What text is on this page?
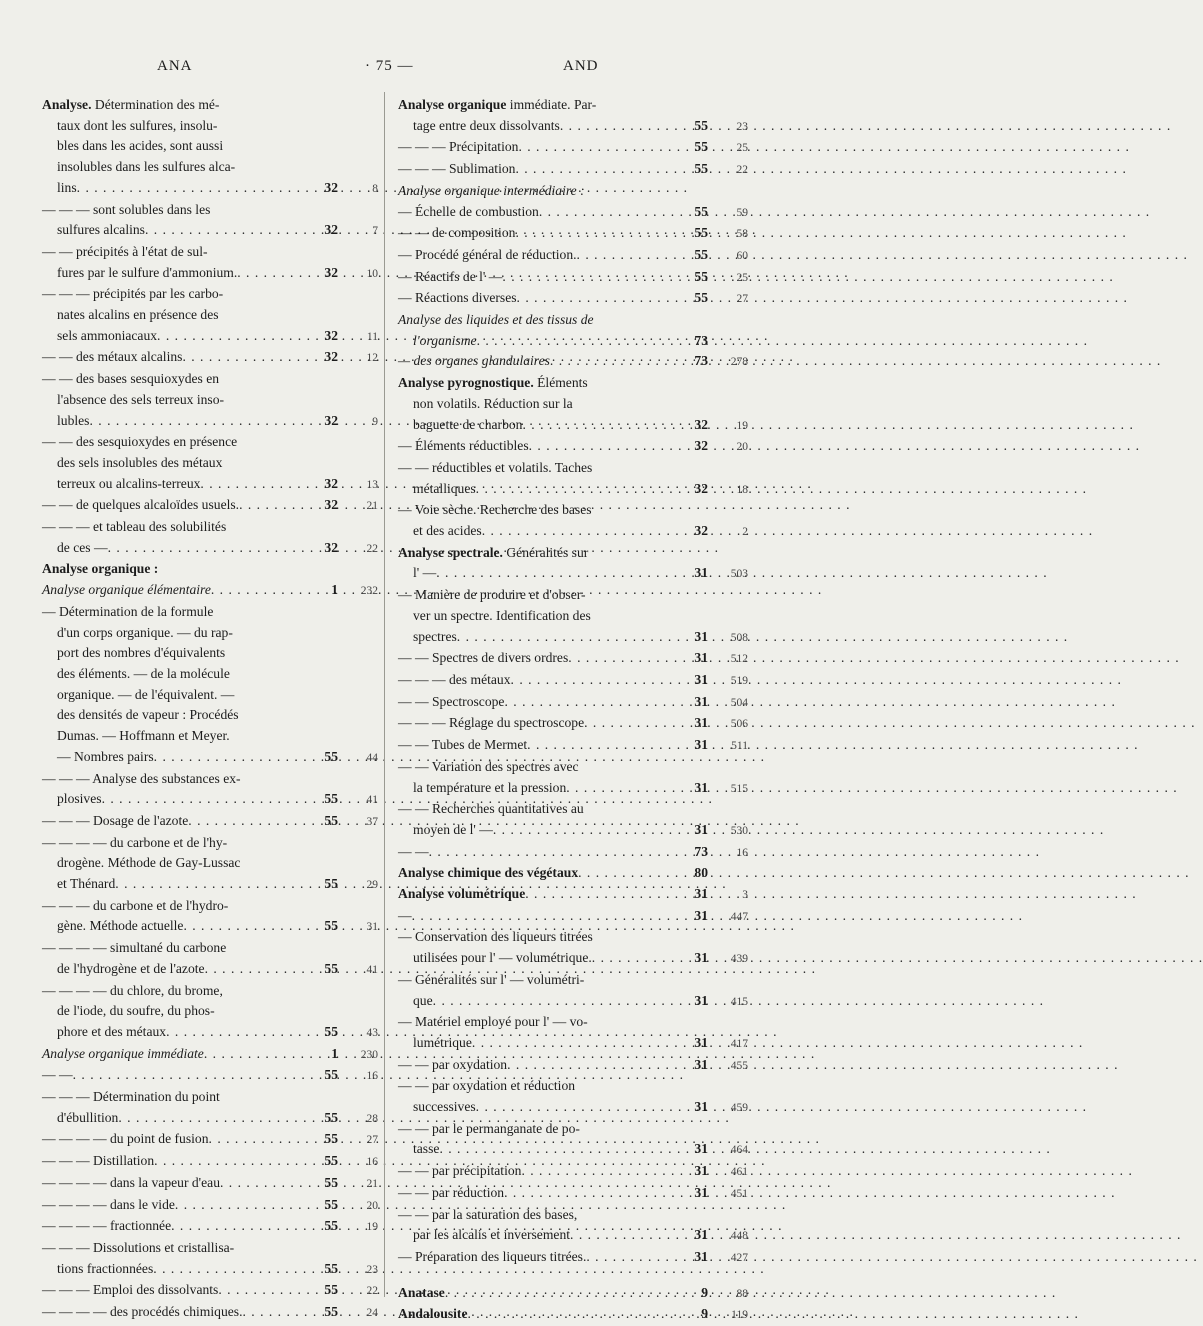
ANA	· 75 —	AND
Analyse. Détermination des mé-
taux dont les sulfures, insolu-
bles dans les acides, sont aussi
insolubles dans les sulfures alca-
lins . . .	32	8
— — — sont solubles dans les
sulfures alcalins . . .	32	7
— — précipités à l'état de sul-
fures par le sulfure d'ammonium. . . .	32	10
— — — précipités par les carbo-
nates alcalins en présence des
sels ammoniacaux . . .	32	11
— — des métaux alcalins . . .	32	12
— — des bases sesquioxydes en
l'absence des sels terreux inso-
lubles . . .	32	9
— — des sesquioxydes en présence
des sels insolubles des métaux
terreux ou alcalins-terreux . . .	32	13
— — de quelques alcaloïdes usuels. . . .	32	21
— — — et tableau des solubilités
de ces — . . .	32	22
Analyse organique :
Analyse organique élémentaire . . .	1	232
— Détermination de la formule
d'un corps organique. — du rap-
port des nombres d'équivalents
des éléments. — de la molécule
organique. — de l'équivalent. —
des densités de vapeur : Procédés
Dumas. — Hoffmann et Meyer.
— Nombres pairs . . .	55	44
— — — Analyse des substances ex-
plosives . . .	55	41
— — — Dosage de l'azote . . .	55	37
— — — — du carbone et de l'hy-
drogène. Méthode de Gay-Lussac
et Thénard . . .	55	29
— — — du carbone et de l'hydro-
gène. Méthode actuelle . . .	55	31
— — — — simultané du carbone
de l'hydrogène et de l'azote . . .	55	41
— — — — du chlore, du brome,
de l'iode, du soufre, du phos-
phore et des métaux . . .	55	43
Analyse organique immédiate . . .	1	230
— — . . .	55	16
— — — Détermination du point
d'ébullition . . .	55	28
— — — — du point de fusion . . .	55	27
— — — Distillation . . .	55	16
— — — — dans la vapeur d'eau . . .	55	21
— — — — dans le vide . . .	55	20
— — — — fractionnée . . .	55	19
— — — Dissolutions et cristallisa-
tions fractionnées . . .	55	23
— — — Emploi des dissolvants . . .	55	22
— — — — des procédés chimiques. . . .	55	24
Analyse organique immédiate. Par-
tage entre deux dissolvants . . .	55	23
— — — Précipitation . . .	55	25
— — — Sublimation . . .	55	22
Analyse organique intermédiaire :
— Échelle de combustion . . .	55	59
— — de composition . . .	55	58
— Procédé général de réduction. . . .	55	60
— Réactifs de l' — . . .	55	25
— Réactions diverses . . .	55	27
Analyse des liquides et des tissus de
l'organisme . . .	73
— des organes glandulaires . . .	73	278
Analyse pyrognostique. Éléments
non volatils. Réduction sur la
baguette de charbon . . .	32	19
— Éléments réductibles . . .	32	20
— — réductibles et volatils. Taches
métalliques . . .	32	18
— Voie sèche. Recherche des bases
et des acides . . .	32	2
Analyse spectrale. Généralités sur
l' — . . .	31	503
— Manière de produire et d'obser-
ver un spectre. Identification des
spectres . . .	31	508
— — Spectres de divers ordres . . .	31	512
— — — des métaux . . .	31	519
— — Spectroscope . . .	31	504
— — — Réglage du spectroscope . . .	31	506
— — Tubes de Mermet . . .	31	511
— — Variation des spectres avec
la température et la pression . . .	31	515
— — Recherches quantitatives au
moyen de l' — . . .	31	530
— — . . .	73	16
Analyse chimique des végétaux . . .	80
Analyse volumétrique . . .	31	3
— . . .	31	447
— Conservation des liqueurs titrées
utilisées pour l' — volumétrique. . . .	31	439
— Généralités sur l' — volumétri-
que . . .	31	415
— Matériel employé pour l' — vo-
lumétrique . . .	31	417
— — par oxydation . . .	31	455
— — par oxydation et réduction
successives . . .	31	459
— — par le permanganate de po-
tasse . . .	31	464
— — par précipitation . . .	31	461
— — par réduction . . .	31	451
— — par la saturation des bases,
par les alcalis et inversement . . .	31	448
— Préparation des liqueurs titrées. . . .	31	427
Anatase . . .	9	88
Andalousite . . .	9	119
